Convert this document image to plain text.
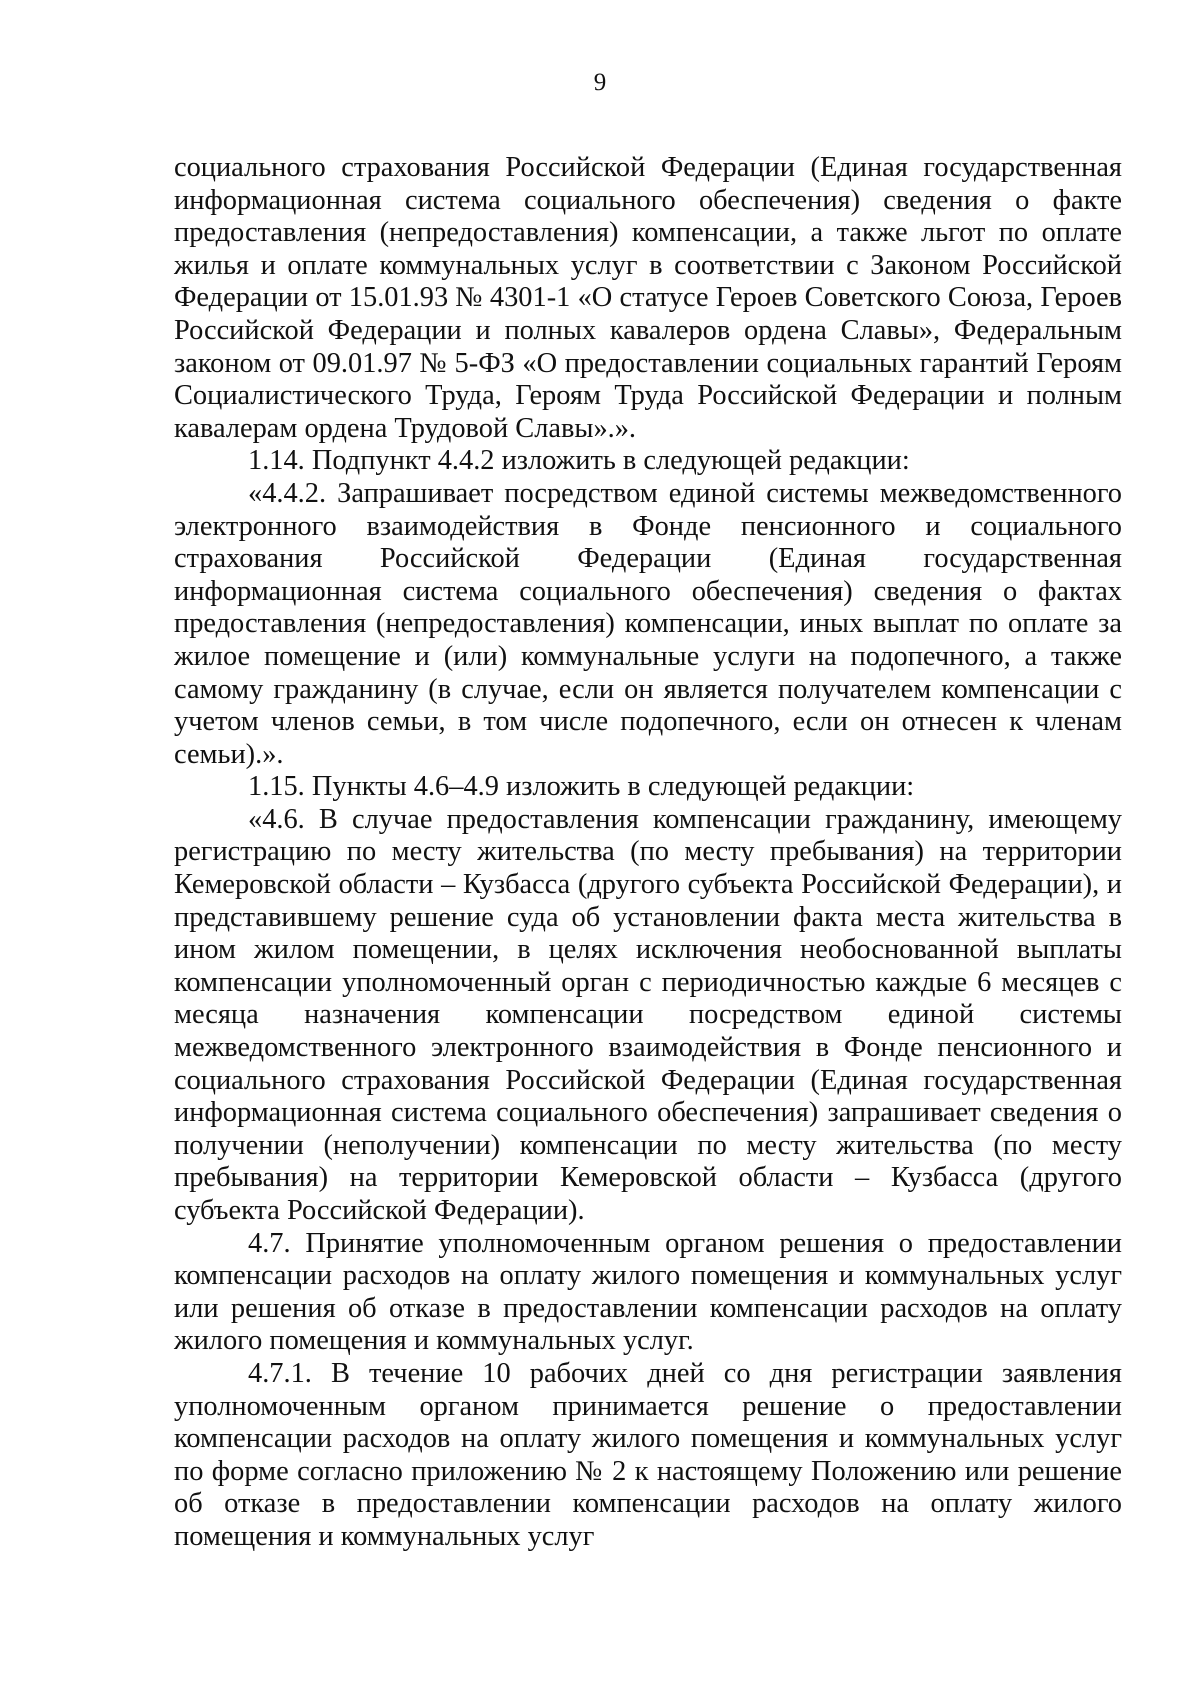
9

социального страхования Российской Федерации (Единая государственная информационная система социального обеспечения) сведения о факте предоставления (непредоставления) компенсации, а также льгот по оплате жилья и оплате коммунальных услуг в соответствии с Законом Российской Федерации от 15.01.93 № 4301-1 «О статусе Героев Советского Союза, Героев Российской Федерации и полных кавалеров ордена Славы», Федеральным законом от 09.01.97 № 5-ФЗ «О предоставлении социальных гарантий Героям Социалистического Труда, Героям Труда Российской Федерации и полным кавалерам ордена Трудовой Славы».».

1.14. Подпункт 4.4.2 изложить в следующей редакции:

«4.4.2. Запрашивает посредством единой системы межведомственного электронного взаимодействия в Фонде пенсионного и социального страхования Российской Федерации (Единая государственная информационная система социального обеспечения) сведения о фактах предоставления (непредоставления) компенсации, иных выплат по оплате за жилое помещение и (или) коммунальные услуги на подопечного, а также самому гражданину (в случае, если он является получателем компенсации с учетом членов семьи, в том числе подопечного, если он отнесен к членам семьи).».

1.15. Пункты 4.6–4.9 изложить в следующей редакции:

«4.6. В случае предоставления компенсации гражданину, имеющему регистрацию по месту жительства (по месту пребывания) на территории Кемеровской области – Кузбасса (другого субъекта Российской Федерации), и представившему решение суда об установлении факта места жительства в ином жилом помещении, в целях исключения необоснованной выплаты компенсации уполномоченный орган с периодичностью каждые 6 месяцев с месяца назначения компенсации посредством единой системы межведомственного электронного взаимодействия в Фонде пенсионного и социального страхования Российской Федерации (Единая государственная информационная система социального обеспечения) запрашивает сведения о получении (неполучении) компенсации по месту жительства (по месту пребывания) на территории Кемеровской области – Кузбасса (другого субъекта Российской Федерации).

4.7. Принятие уполномоченным органом решения о предоставлении компенсации расходов на оплату жилого помещения и коммунальных услуг или решения об отказе в предоставлении компенсации расходов на оплату жилого помещения и коммунальных услуг.

4.7.1. В течение 10 рабочих дней со дня регистрации заявления уполномоченным органом принимается решение о предоставлении компенсации расходов на оплату жилого помещения и коммунальных услуг по форме согласно приложению № 2 к настоящему Положению или решение об отказе в предоставлении компенсации расходов на оплату жилого помещения и коммунальных услуг
